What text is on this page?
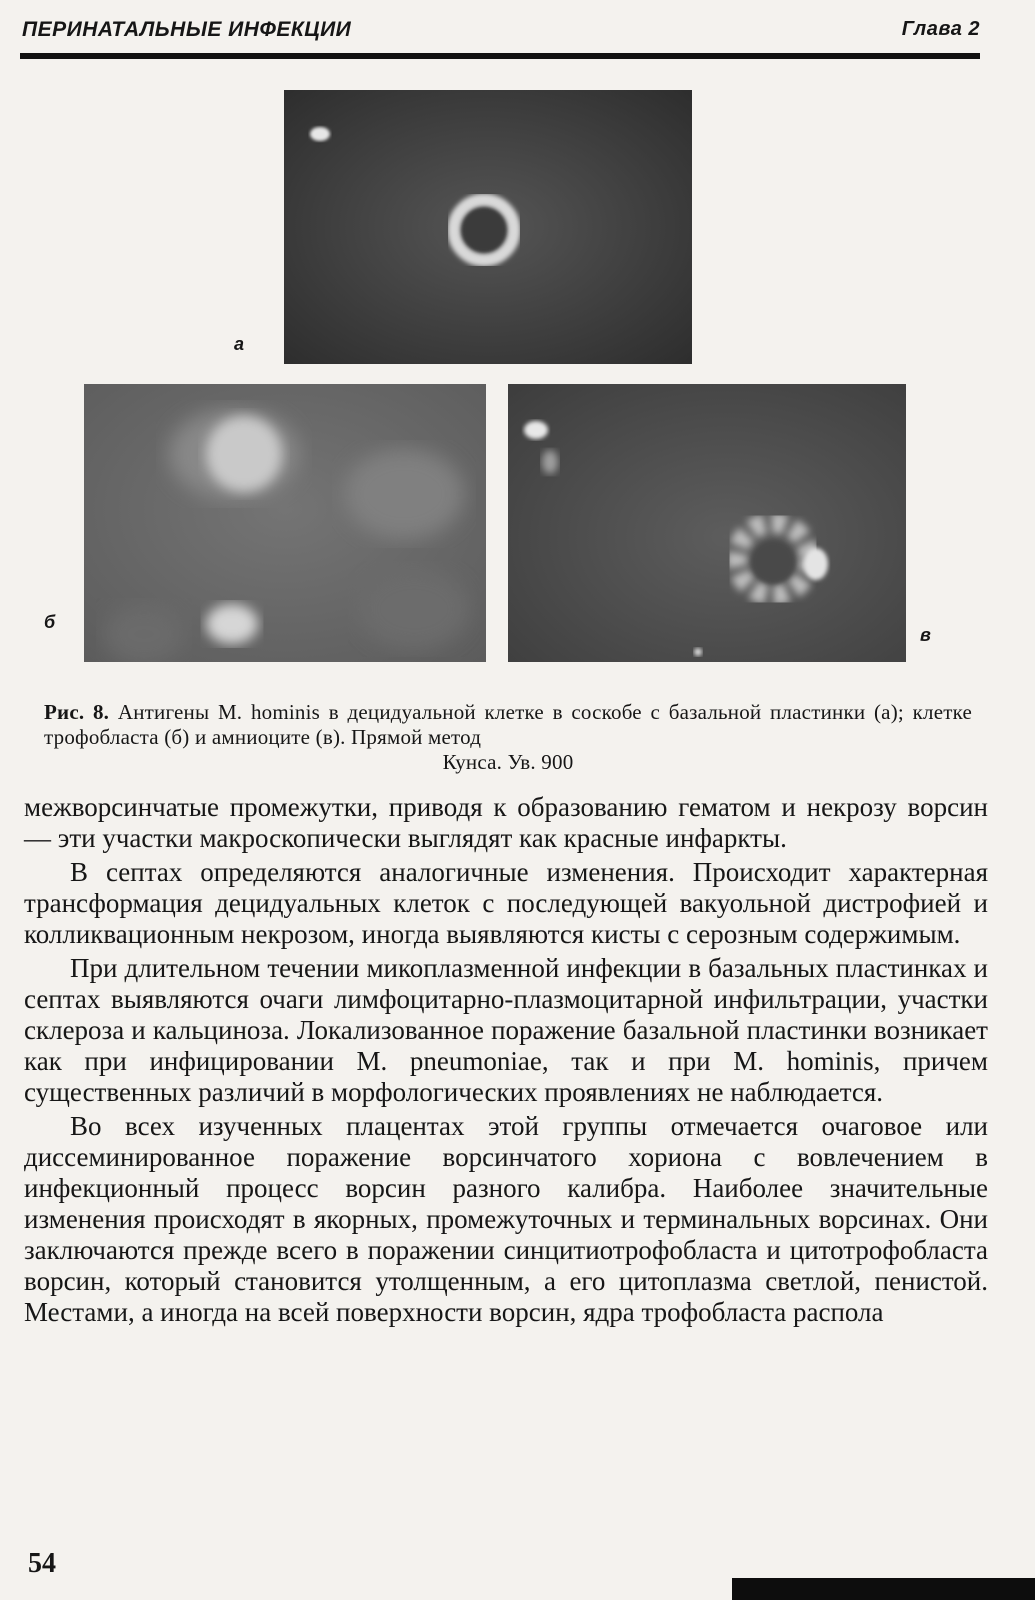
ПЕРИНАТАЛЬНЫЕ ИНФЕКЦИИ	Глава 2
а
б
в
Рис. 8. Антигены M. hominis в децидуальной клетке в соскобе с базальной пластинки (а); клетке трофобласта (б) и амниоците (в). Прямой метод
Кунса. Ув. 900

межворсинчатые промежутки, приводя к образованию гематом и некрозу ворсин — эти участки макроскопически выглядят как красные инфаркты.

В септах определяются аналогичные изменения. Происходит характерная трансформация децидуальных клеток с последующей вакуольной дистрофией и колликвационным некрозом, иногда выявляются кисты с серозным содержимым.

При длительном течении микоплазменной инфекции в базальных пластинках и септах выявляются очаги лимфоцитарно-плазмоцитарной инфильтрации, участки склероза и кальциноза. Локализованное поражение базальной пластинки возникает как при инфицировании M. pneumoniae, так и при M. hominis, причем существенных различий в морфологических проявлениях не наблюдается.

Во всех изученных плацентах этой группы отмечается очаговое или диссеминированное поражение ворсинчатого хориона с вовлечением в инфекционный процесс ворсин разного калибра. Наиболее значительные изменения происходят в якорных, промежуточных и терминальных ворсинах. Они заключаются прежде всего в поражении синцитиотрофобласта и цитотрофобласта ворсин, который становится утолщенным, а его цитоплазма светлой, пенистой. Местами, а иногда на всей поверхности ворсин, ядра трофобласта распола

54
